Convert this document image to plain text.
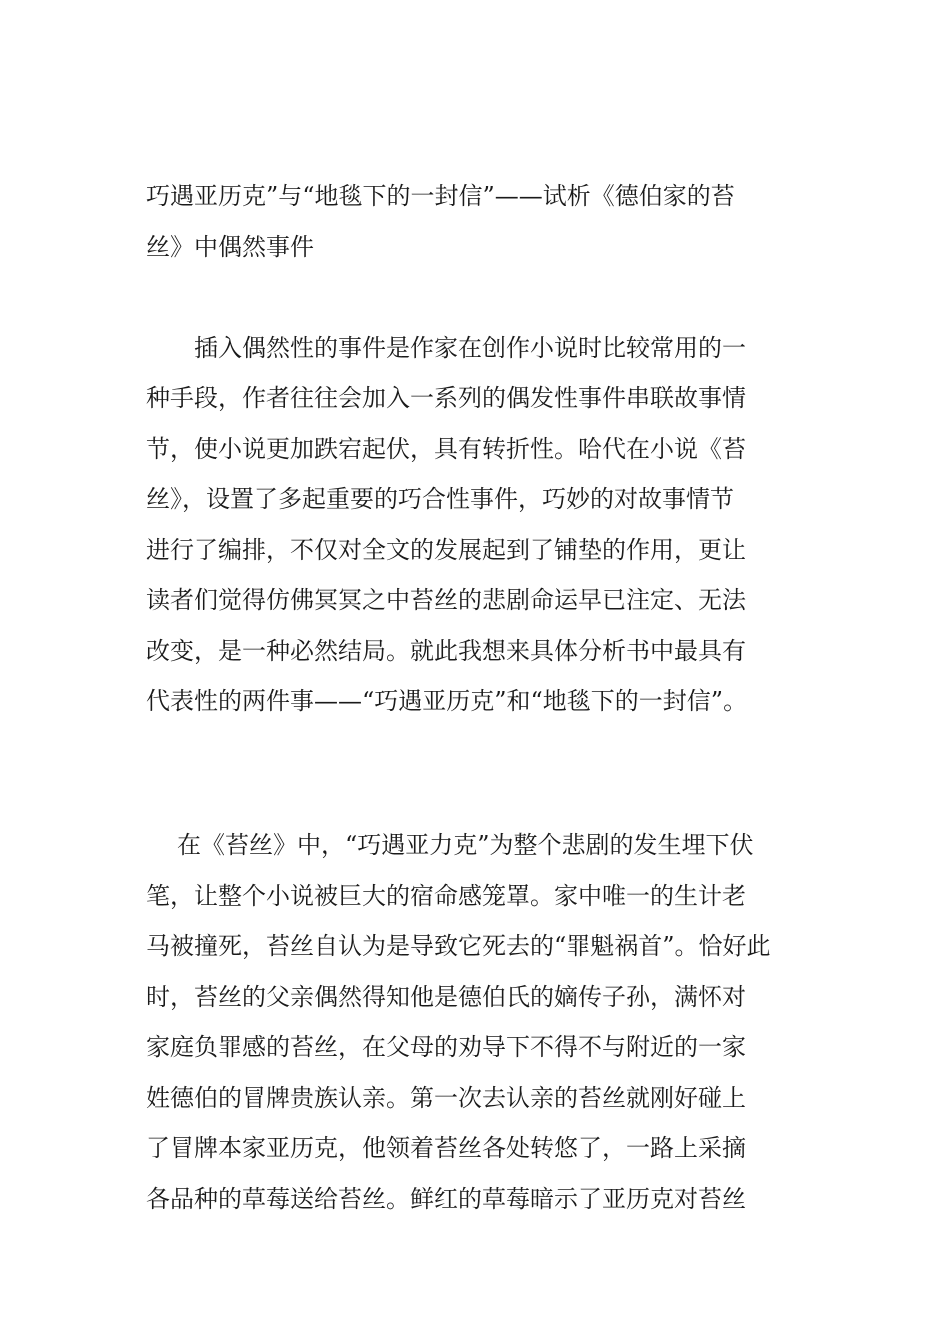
巧遇亚历克”与“地毯下的一封信”——试析《德伯家的苔
丝》中偶然事件
插入偶然性的事件是作家在创作小说时比较常用的一
种手段，作者往往会加入一系列的偶发性事件串联故事情
节，使小说更加跌宕起伏，具有转折性。哈代在小说《苔
丝》，设置了多起重要的巧合性事件，巧妙的对故事情节
进行了编排，不仅对全文的发展起到了铺垫的作用，更让
读者们觉得仿佛冥冥之中苔丝的悲剧命运早已注定、无法
改变，是一种必然结局。就此我想来具体分析书中最具有
代表性的两件事——“巧遇亚历克”和“地毯下的一封信”。
在《苔丝》中，“巧遇亚力克”为整个悲剧的发生埋下伏
笔，让整个小说被巨大的宿命感笼罩。家中唯一的生计老
马被撞死，苔丝自认为是导致它死去的“罪魁祸首”。恰好此
时，苔丝的父亲偶然得知他是德伯氏的嫡传子孙，满怀对
家庭负罪感的苔丝，在父母的劝导下不得不与附近的一家
姓德伯的冒牌贵族认亲。第一次去认亲的苔丝就刚好碰上
了冒牌本家亚历克，他领着苔丝各处转悠了，一路上采摘
各品种的草莓送给苔丝。鲜红的草莓暗示了亚历克对苔丝
